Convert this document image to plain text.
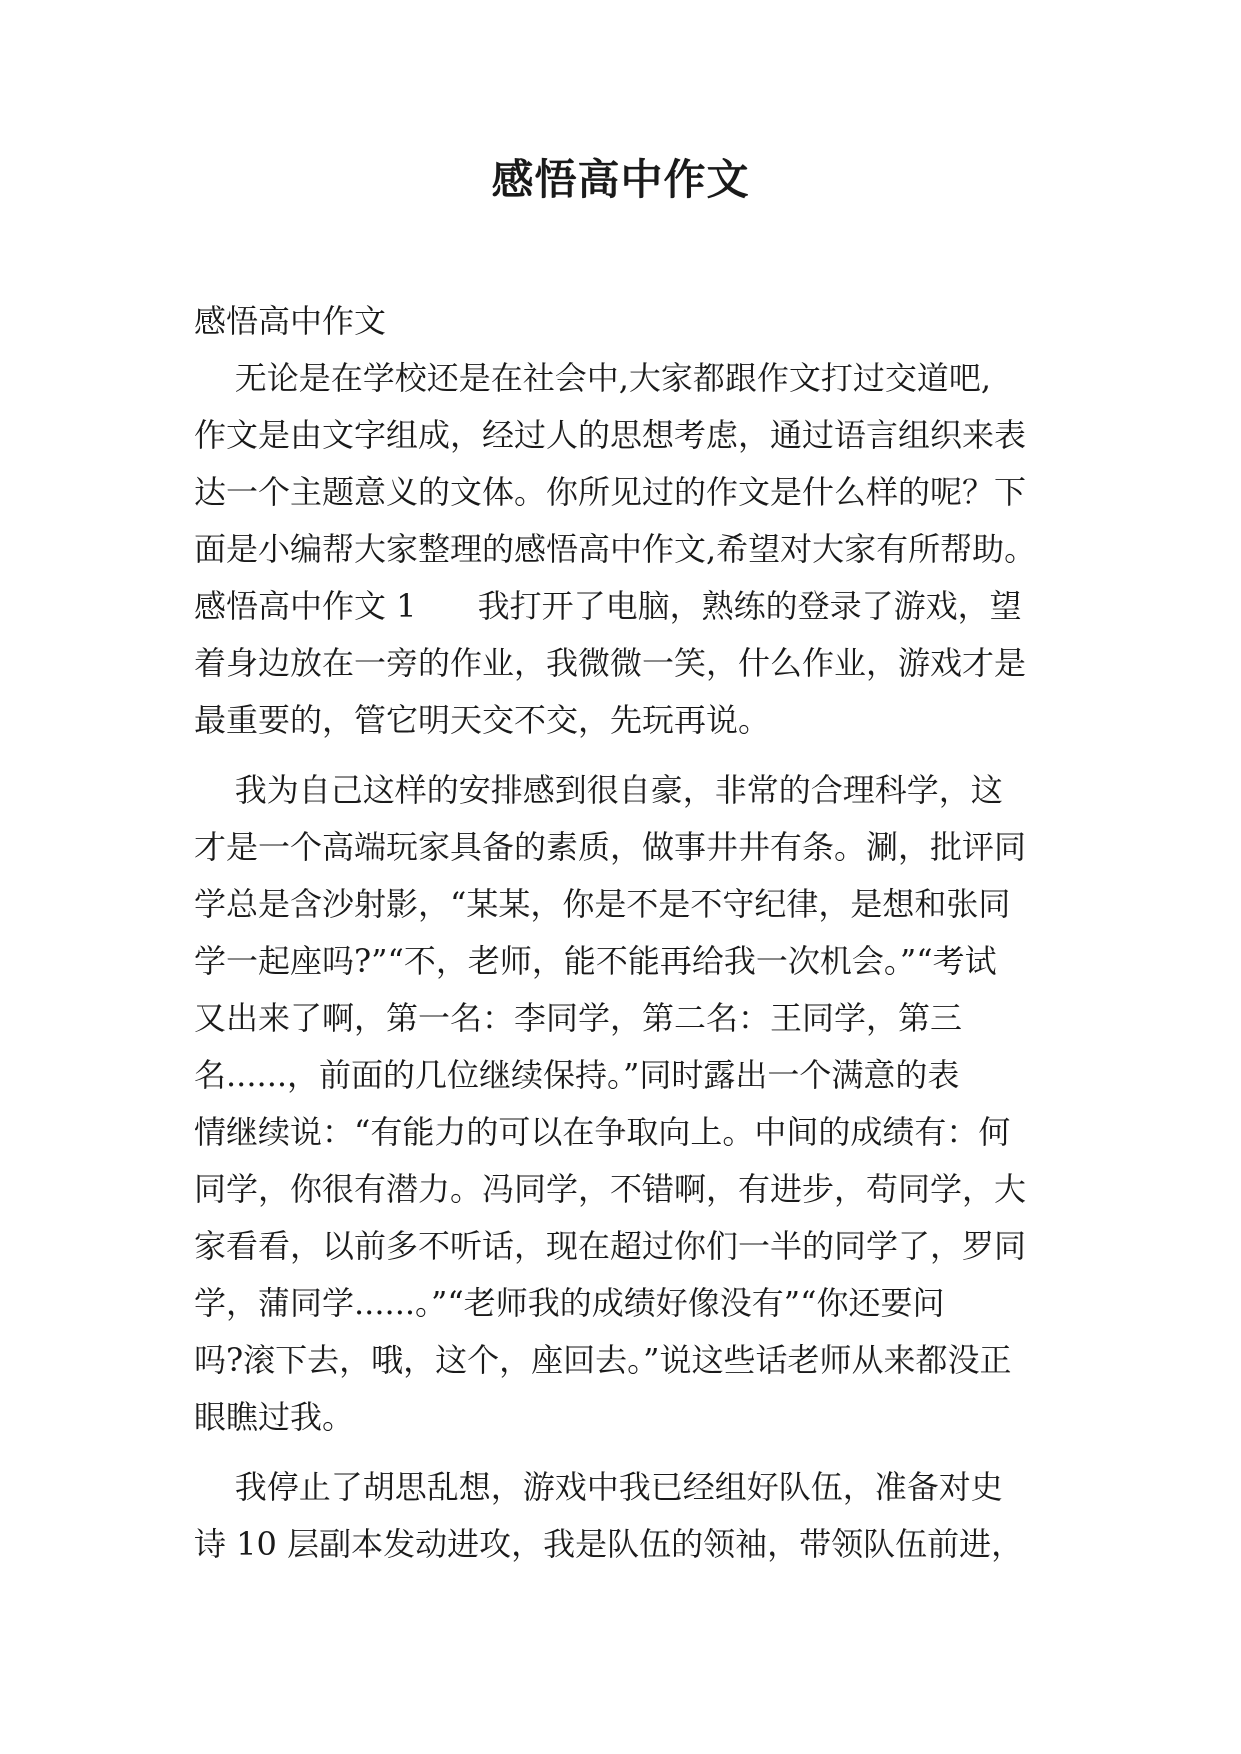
感悟高中作文

感悟高中作文

无论是在学校还是在社会中,大家都跟作文打过交道吧,

作文是由文字组成，经过人的思想考虑，通过语言组织来表

达一个主题意义的文体。你所见过的作文是什么样的呢？下

面是小编帮大家整理的感悟高中作文,希望对大家有所帮助。

感悟高中作文 1      我打开了电脑，熟练的登录了游戏，望

着身边放在一旁的作业，我微微一笑，什么作业，游戏才是

最重要的，管它明天交不交，先玩再说。

我为自己这样的安排感到很自豪，非常的合理科学，这

才是一个高端玩家具备的素质，做事井井有条。涮，批评同

学总是含沙射影，“某某，你是不是不守纪律，是想和张同

学一起座吗?”“不，老师，能不能再给我一次机会。”“考试

又出来了啊，第一名：李同学，第二名：王同学，第三

名......，前面的几位继续保持。”同时露出一个满意的表

情继续说：“有能力的可以在争取向上。中间的成绩有：何

同学，你很有潜力。冯同学，不错啊，有进步，苟同学，大

家看看，以前多不听话，现在超过你们一半的同学了，罗同

学，蒲同学......。”“老师我的成绩好像没有”“你还要问

吗?滚下去，哦，这个，座回去。”说这些话老师从来都没正

眼瞧过我。

我停止了胡思乱想，游戏中我已经组好队伍，准备对史

诗 10 层副本发动进攻，我是队伍的领袖，带领队伍前进，
